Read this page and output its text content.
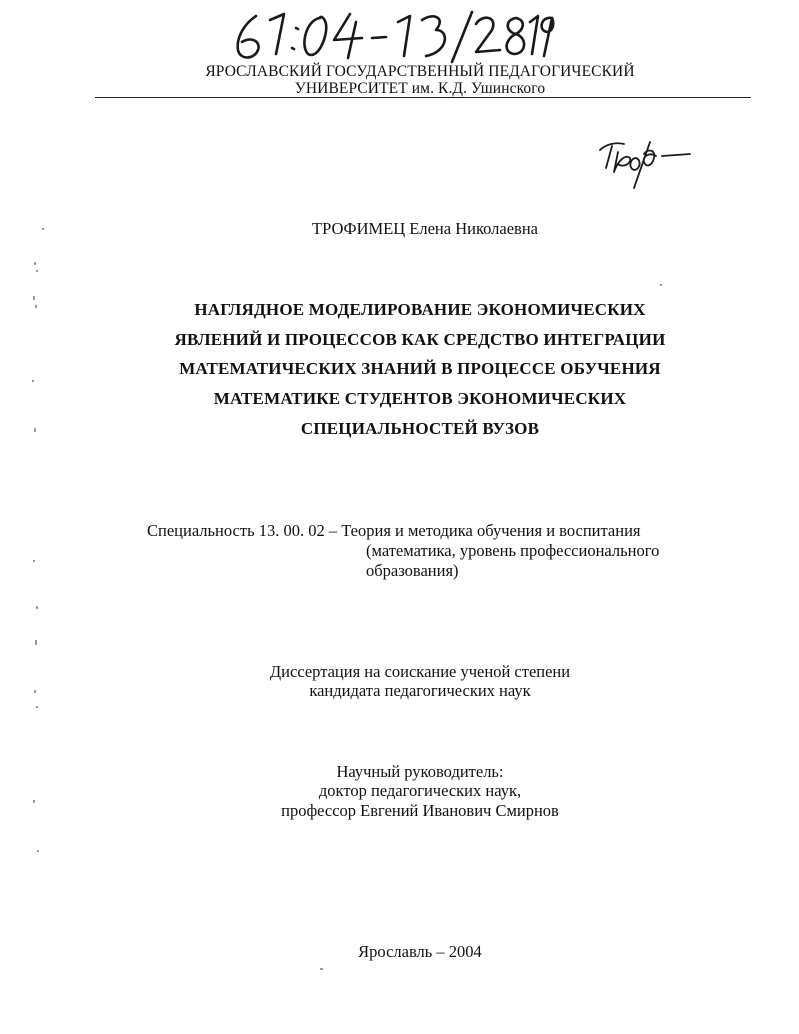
ЯРОСЛАВСКИЙ ГОСУДАРСТВЕННЫЙ ПЕДАГОГИЧЕСКИЙ
УНИВЕРСИТЕТ им. К.Д. Ушинского
ТРОФИМЕЦ Елена Николаевна
НАГЛЯДНОЕ МОДЕЛИРОВАНИЕ ЭКОНОМИЧЕСКИХ
ЯВЛЕНИЙ И ПРОЦЕССОВ КАК СРЕДСТВО ИНТЕГРАЦИИ
МАТЕМАТИЧЕСКИХ ЗНАНИЙ В ПРОЦЕССЕ ОБУЧЕНИЯ
МАТЕМАТИКЕ СТУДЕНТОВ ЭКОНОМИЧЕСКИХ
СПЕЦИАЛЬНОСТЕЙ ВУЗОВ
Специальность 13. 00. 02 – Теория и методика обучения и воспитания
(математика, уровень профессионального
образования)
Диссертация на соискание ученой степени
кандидата педагогических наук
Научный руководитель:
доктор педагогических наук,
профессор Евгений Иванович Смирнов
Ярославль – 2004
